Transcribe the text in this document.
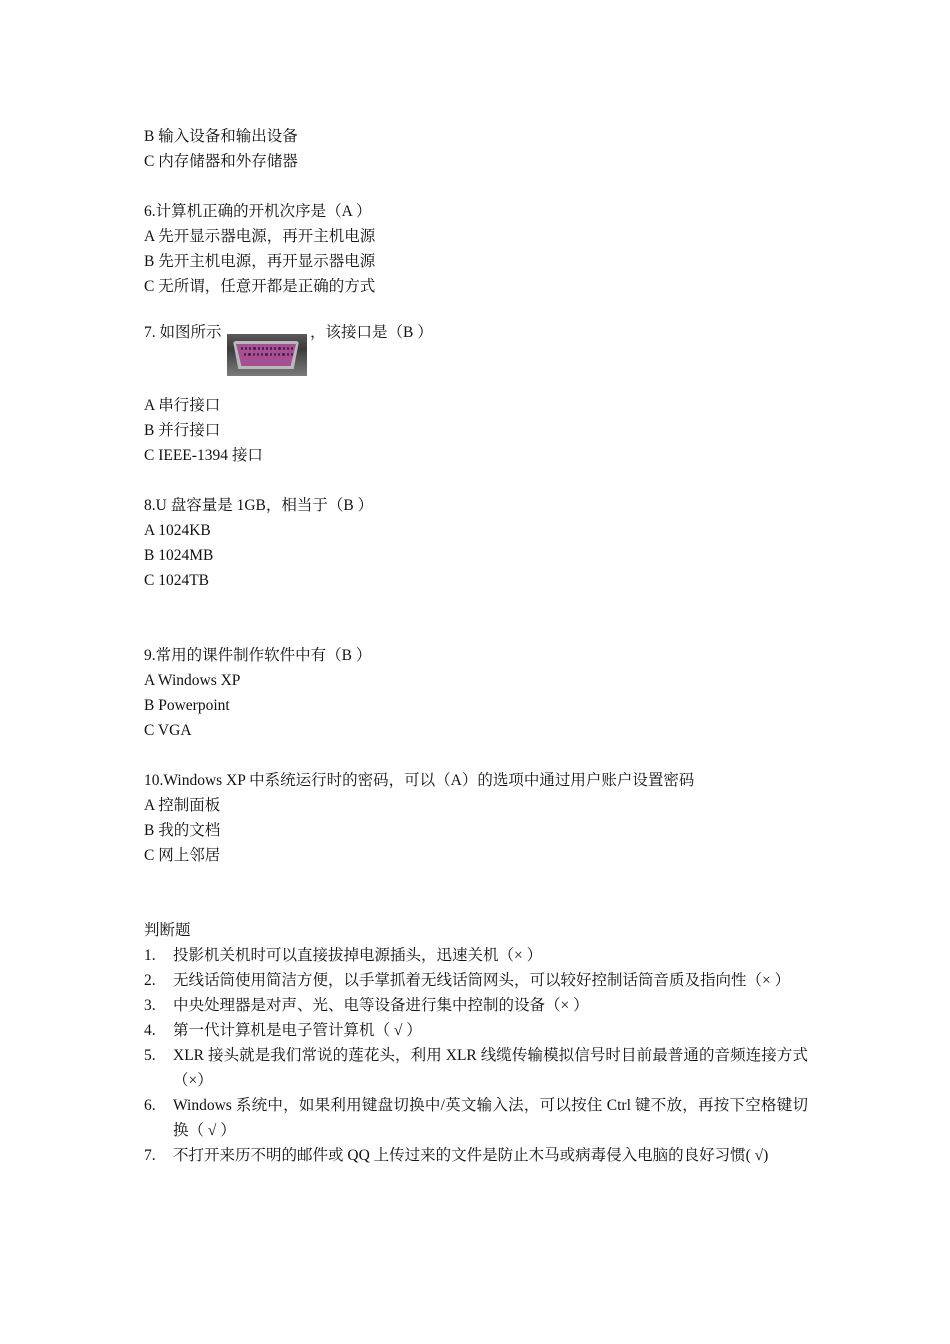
B 输入设备和输出设备
C 内存储器和外存储器
6.计算机正确的开机次序是（A ）
A 先开显示器电源，再开主机电源
B 先开主机电源，再开显示器电源
C 无所谓，任意开都是正确的方式
7. 如图所示	，该接口是（B ）
A 串行接口
B 并行接口
C IEEE-1394 接口
8.U 盘容量是 1GB，相当于（B ）
A 1024KB
B 1024MB
C 1024TB
9.常用的课件制作软件中有（B ）
A Windows XP
B Powerpoint
C VGA
10.Windows XP 中系统运行时的密码，可以（A）的选项中通过用户账户设置密码
A 控制面板
B 我的文档
C 网上邻居
判断题
1.	投影机关机时可以直接拔掉电源插头，迅速关机（× ）
2.	无线话筒使用简洁方便，以手掌抓着无线话筒网头，可以较好控制话筒音质及指向性（× ）
3.	中央处理器是对声、光、电等设备进行集中控制的设备（× ）
4.	第一代计算机是电子管计算机（ √ ）
5.	XLR 接头就是我们常说的莲花头，利用 XLR 线缆传输模拟信号时目前最普通的音频连接方式（×）
6.	Windows 系统中，如果利用键盘切换中/英文输入法，可以按住 Ctrl 键不放，再按下空格键切换（ √ ）
7.	不打开来历不明的邮件或 QQ 上传过来的文件是防止木马或病毒侵入电脑的良好习惯( √)
